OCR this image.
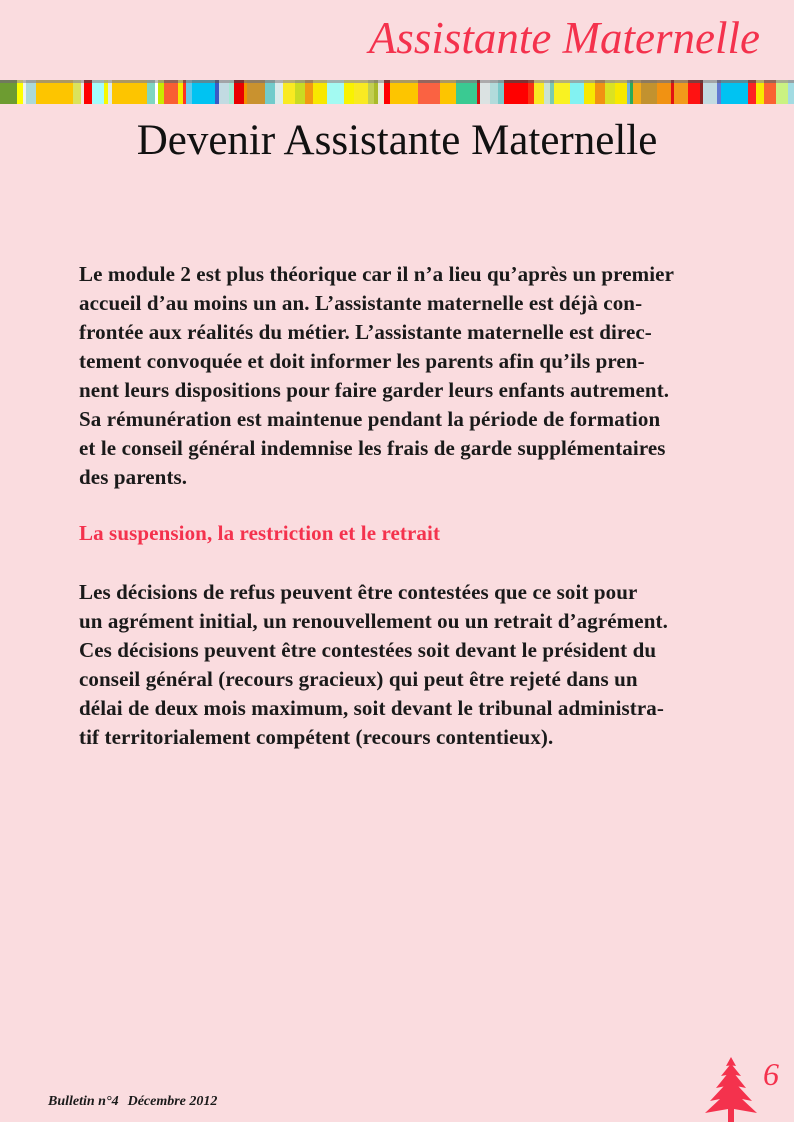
Assistante Maternelle
Devenir Assistante Maternelle
Le module 2 est plus théorique car il n’a lieu qu’après un premier
accueil d’au moins un an. L’assistante maternelle est déjà con-
frontée aux réalités du métier. L’assistante maternelle est direc-
tement convoquée et doit informer les parents afin qu’ils pren-
nent leurs dispositions pour faire garder leurs enfants autrement.
Sa rémunération est maintenue pendant la période de formation
et le conseil général indemnise les frais de garde supplémentaires
des parents.
La suspension, la restriction et le retrait
Les décisions de refus peuvent être contestées que ce soit pour
un agrément initial, un renouvellement ou un retrait d’agrément.
Ces décisions peuvent être contestées soit devant le président du
conseil général (recours gracieux) qui peut être rejeté dans un
délai de deux mois maximum, soit devant le tribunal administra-
tif territorialement compétent (recours contentieux).
Bulletin n°4 Décembre 2012
6
